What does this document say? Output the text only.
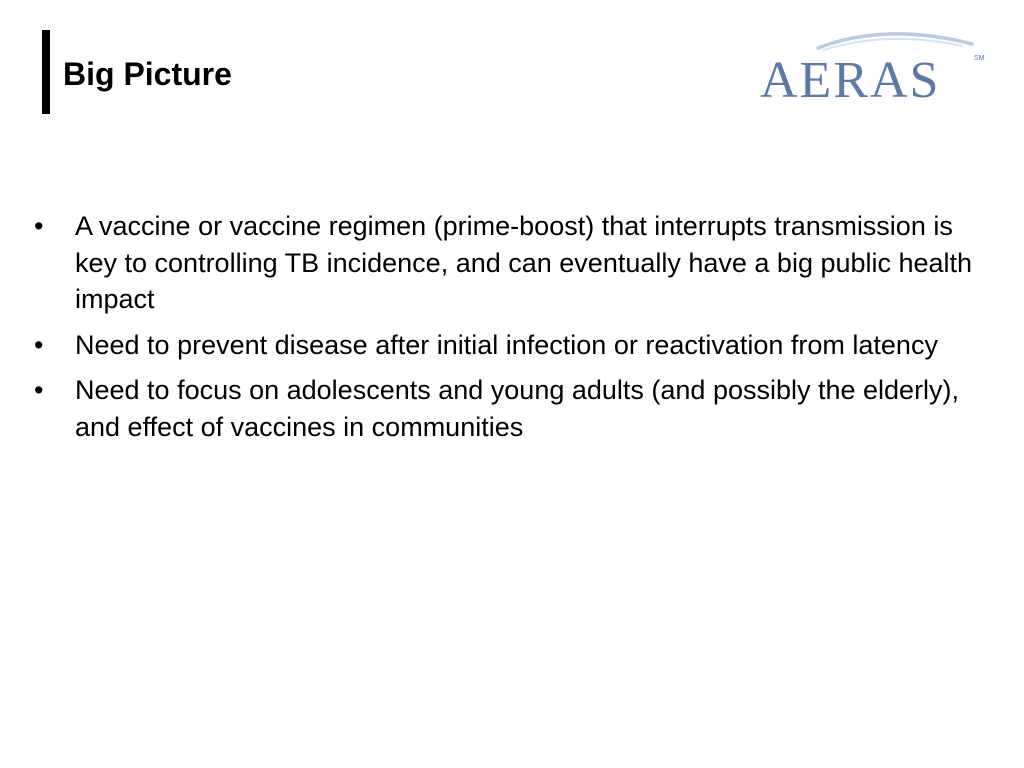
Big Picture	AERAS	SM
• A vaccine or vaccine regimen (prime-boost) that interrupts transmission is key to controlling TB incidence, and can eventually have a big public health impact
• Need to prevent disease after initial infection or reactivation from latency
• Need to focus on adolescents and young adults (and possibly the elderly), and effect of vaccines in communities
